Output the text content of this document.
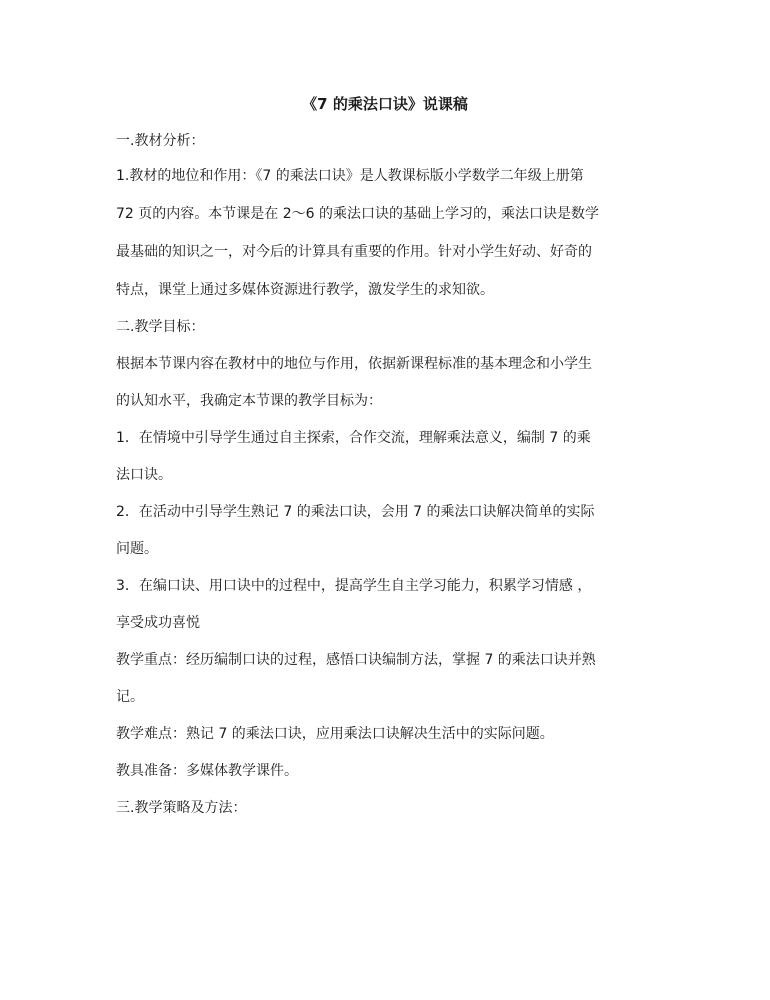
《7 的乘法口诀》说课稿
一.教材分析：
1.教材的地位和作用：《7 的乘法口诀》是人教课标版小学数学二年级上册第
72 页的内容。本节课是在 2～6 的乘法口诀的基础上学习的，乘法口诀是数学
最基础的知识之一，对今后的计算具有重要的作用。针对小学生好动、好奇的
特点，课堂上通过多媒体资源进行教学，激发学生的求知欲。
二.教学目标：
根据本节课内容在教材中的地位与作用，依据新课程标准的基本理念和小学生
的认知水平，我确定本节课的教学目标为：
1．在情境中引导学生通过自主探索，合作交流，理解乘法意义，编制 7 的乘
法口诀。
2．在活动中引导学生熟记 7 的乘法口诀，会用 7 的乘法口诀解决简单的实际
问题。
3．在编口诀、用口诀中的过程中，提高学生自主学习能力，积累学习情感 ，
享受成功喜悦
教学重点：经历编制口诀的过程，感悟口诀编制方法，掌握 7 的乘法口诀并熟
记。
教学难点：熟记 7 的乘法口诀，应用乘法口诀解决生活中的实际问题。
教具准备：多媒体教学课件。
三.教学策略及方法：
